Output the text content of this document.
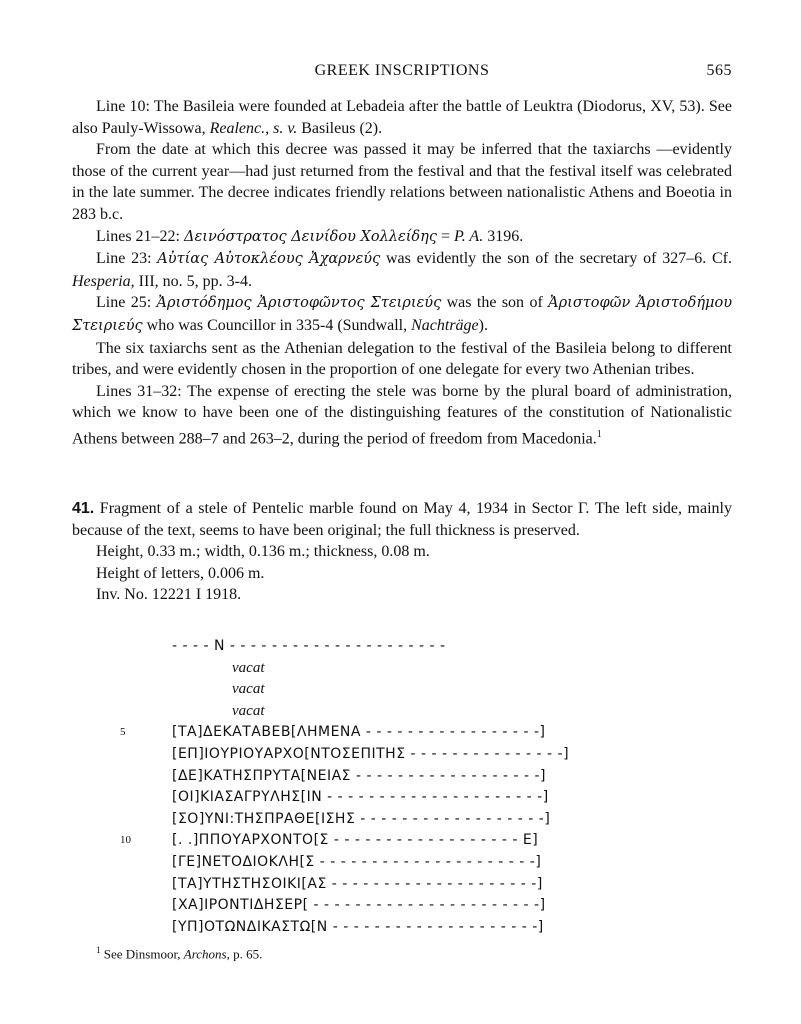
GREEK INSCRIPTIONS	565

Line 10: The Basileia were founded at Lebadeia after the battle of Leuktra (Diodorus, XV, 53). See also Pauly-Wissowa, Realenc., s. v. Basileus (2).

From the date at which this decree was passed it may be inferred that the taxiarchs —evidently those of the current year—had just returned from the festival and that the festival itself was celebrated in the late summer. The decree indicates friendly relations between nationalistic Athens and Boeotia in 283 b.c.

Lines 21–22: Δεινόστρατος Δεινίδου Χολλείδης = P. A. 3196.

Line 23: Αὐτίας Αὐτοκλέους Ἀχαρνεύς was evidently the son of the secretary of 327–6. Cf. Hesperia, III, no. 5, pp. 3-4.

Line 25: Ἀριστόδημος Ἀριστοφῶντος Στειριεύς was the son of Ἀριστοφῶν Ἀριστοδήμου Στειριεύς who was Councillor in 335-4 (Sundwall, Nachträge).

The six taxiarchs sent as the Athenian delegation to the festival of the Basileia belong to different tribes, and were evidently chosen in the proportion of one delegate for every two Athenian tribes.

Lines 31–32: The expense of erecting the stele was borne by the plural board of administration, which we know to have been one of the distinguishing features of the constitution of Nationalistic Athens between 288–7 and 263–2, during the period of freedom from Macedonia.$^1$

41. Fragment of a stele of Pentelic marble found on May 4, 1934 in Sector Γ. The left side, mainly because of the text, seems to have been original; the full thickness is preserved.

Height, 0.33 m.; width, 0.136 m.; thickness, 0.08 m.

Height of letters, 0.006 m.

Inv. No. 12221 I 1918.

- - - - N - - - - - - - - - - - - - - - - - - - - -
vacat
vacat
vacat
5	[ΤΑ]ΔΕΚΑΤΑΒΕΒ[ΛΗΜΕΝΑ - - - - - - - - - - - - - - - - -]
[ΕΠ]ΙΟΥΡΙΟΥΑΡΧΟ[ΝΤΟΣΕΠΙΤΗΣ - - - - - - - - - - - - - - -]
[ΔΕ]ΚΑΤΗΣΠΡΥΤΑ[ΝΕΙΑΣ - - - - - - - - - - - - - - - - - -]
[ΟΙ]ΚΙΑΣΑΓΡΥΛΗΣ[ΙΝ - - - - - - - - - - - - - - - - - - - - -]
[ΣΟ]ΥΝΙ:ΤΗΣΠΡΑΘΕ[ΙΣΗΣ - - - - - - - - - - - - - - - - - -]
10	[. .]ΠΠΟΥΑΡΧΟΝΤΟ[Σ - - - - - - - - - - - - - - - - - - Ε]
[ΓΕ]ΝΕΤΟΔΙΟΚΛΗ[Σ - - - - - - - - - - - - - - - - - - - - -]
[ΤΑ]ΥΤΗΣΤΗΣΟΙΚΙ[ΑΣ - - - - - - - - - - - - - - - - - - - -]
[ΧΑ]ΙΡΟΝΤΙΔΗΣΕΡ[ - - - - - - - - - - - - - - - - - - - - - -]
[ΥΠ]ΟΤΩΝΔΙΚΑΣΤΩ[Ν - - - - - - - - - - - - - - - - - - - -]
$^1$ See Dinsmoor, Archons, p. 65.
